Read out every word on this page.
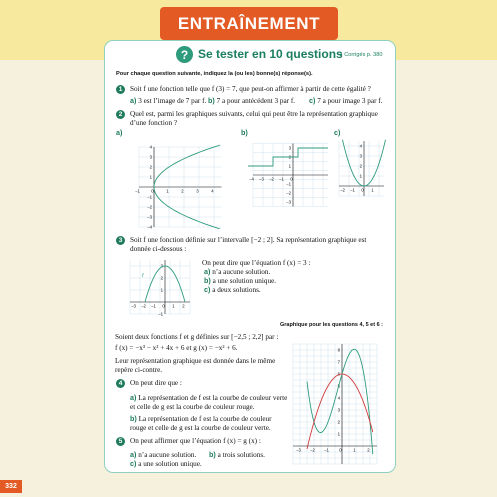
ENTRAÎNEMENT
? Se tester en 10 questions
➜ Corrigés p. 380
Pour chaque question suivante, indiquez la (ou les) bonne(s) réponse(s).
1	Soit f une fonction telle que f (3) = 7, que peut-on affirmer à partir de cette égalité ?
a) 3 est l’image de 7 par f. b) 7 a pour antécédent 3 par f. c) 7 a pour image 3 par f.
2	Quel est, parmi les graphiques suivants, celui qui peut être la représentation graphique
d’une fonction ?
a)	b)	c)
−1	0	1	2	3	4
4
3
2
1
−1
−2
−3
−4
−4 −3 −2 −1 0
3
2
1
−1
−2
−3
−2 −1 0 1
4
3
2
1
3	Soit f une fonction définie sur l’intervalle [−2 ; 2]. Sa représentation graphique est
donnée ci-dessous :
−3 −2 −1 0 1 2
3
2
1
−1
f
On peut dire que l’équation f (x) = 3 :
a) n’a aucune solution.
b) a une solution unique.
c) a deux solutions.
Graphique pour les questions 4, 5 et 6 :
Soient deux fonctions f et g définies sur [−2,5 ; 2,2] par :
f (x) = −x³ − x² + 4x + 6 et g (x) = −x² + 6.
Leur représentation graphique est donnée dans le même
repère ci-contre.
−3 −2 −1 0	1	2
8
7
6
5
4
3
2
1
4	On peut dire que :
a) La représentation de f est la courbe de couleur verte
et celle de g est la courbe de couleur rouge.
b) La représentation de f est la courbe de couleur
rouge et celle de g est la courbe de couleur verte.
5	On peut affirmer que l’équation f (x) = g (x) :
a) n’a aucune solution. b) a trois solutions.
c) a une solution unique.
332
